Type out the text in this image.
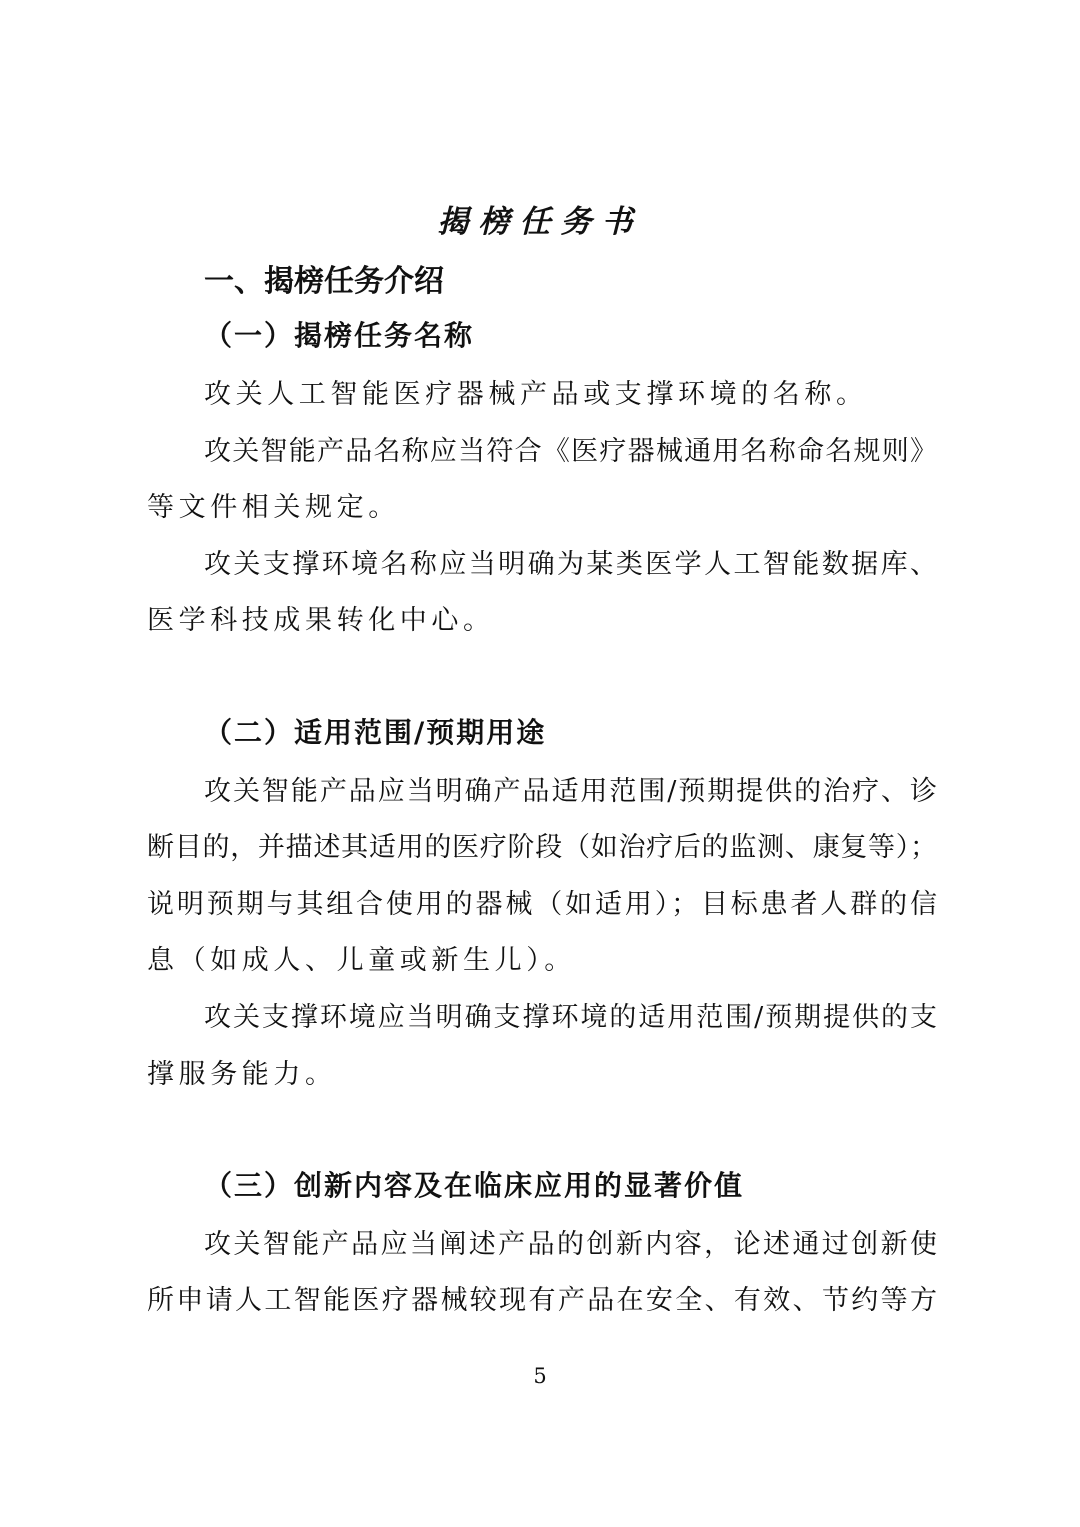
揭榜任务书
一、揭榜任务介绍
（一）揭榜任务名称
攻关人工智能医疗器械产品或支撑环境的名称。
攻关智能产品名称应当符合《医疗器械通用名称命名规则》
等文件相关规定。
攻关支撑环境名称应当明确为某类医学人工智能数据库、
医学科技成果转化中心。
（二）适用范围/预期用途
攻关智能产品应当明确产品适用范围/预期提供的治疗、诊
断目的，并描述其适用的医疗阶段（如治疗后的监测、康复等）；
说明预期与其组合使用的器械（如适用）；目标患者人群的信
息（如成人、儿童或新生儿）。
攻关支撑环境应当明确支撑环境的适用范围/预期提供的支
撑服务能力。
（三）创新内容及在临床应用的显著价值
攻关智能产品应当阐述产品的创新内容，论述通过创新使
所申请人工智能医疗器械较现有产品在安全、有效、节约等方
5
